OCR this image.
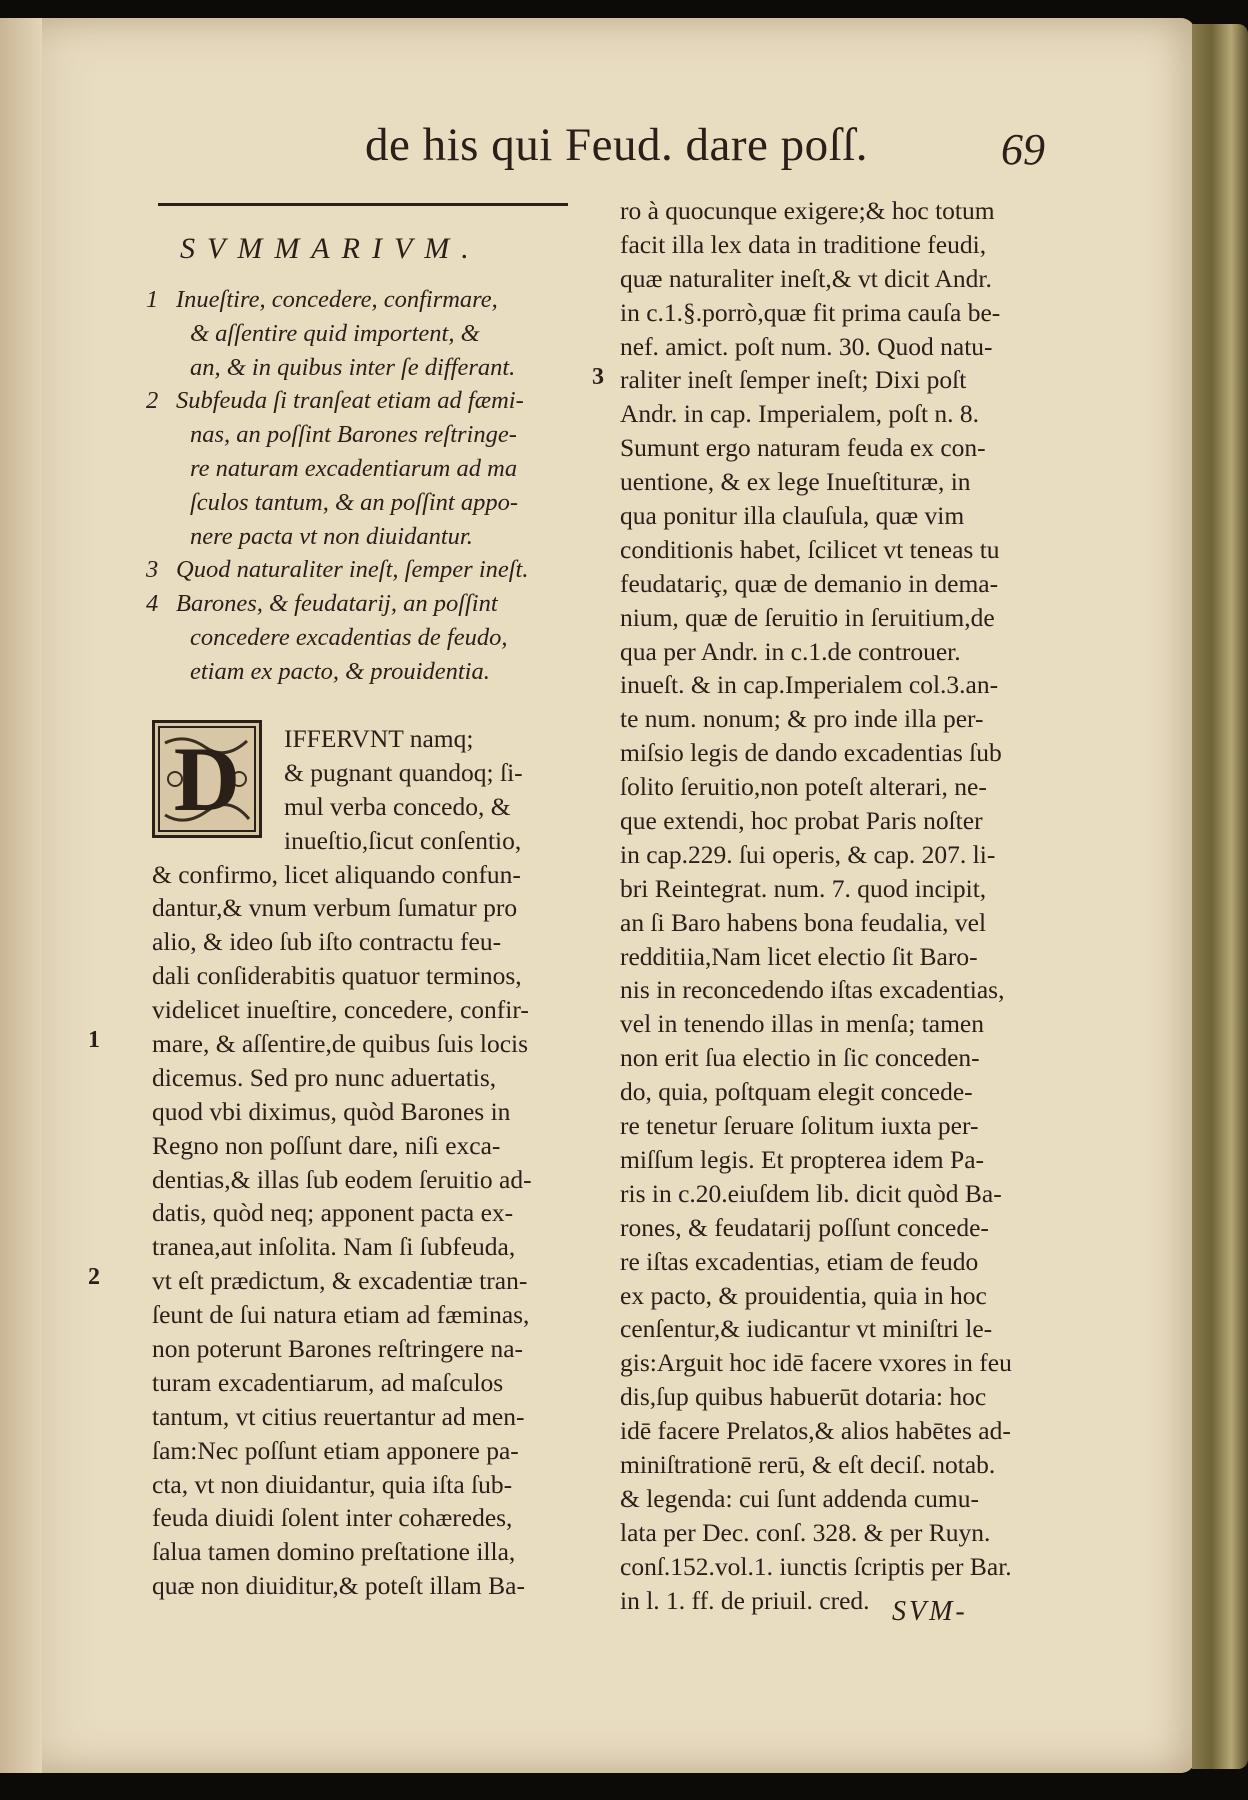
de his qui Feud. dare poſſ.	69
SVMMARIVM.
1 Inueſtire, concedere, confirmare,
& aſſentire quid importent, &
an, & in quibus inter ſe differant.
2 Subfeuda ſi tranſeat etiam ad fæmi-
nas, an poſſint Barones reſtringe-
re naturam excadentiarum ad ma
ſculos tantum, & an poſſint appo-
nere pacta vt non diuidantur.
3 Quod naturaliter ineſt, ſemper ineſt.
4 Barones, & feudatarij, an poſſint
concedere excadentias de feudo,
etiam ex pacto, & prouidentia.
D	IFFERVNT namq;
& pugnant quandoq; ſi-
mul verba concedo, &
inueſtio,ſicut conſentio,
& confirmo, licet aliquando confun-
dantur,& vnum verbum ſumatur pro
alio, & ideo ſub iſto contractu feu-
dali conſiderabitis quatuor terminos,
videlicet inueſtire, concedere, confir-
mare, & aſſentire,de quibus ſuis locis
dicemus. Sed pro nunc aduertatis,
quod vbi diximus, quòd Barones in
Regno non poſſunt dare, niſi exca-
dentias,& illas ſub eodem ſeruitio ad-
datis, quòd neq; apponent pacta ex-
tranea,aut inſolita. Nam ſi ſubfeuda,
vt eſt prædictum, & excadentiæ tran-
ſeunt de ſui natura etiam ad fæminas,
non poterunt Barones reſtringere na-
turam excadentiarum, ad maſculos
tantum, vt citius reuertantur ad men-
ſam:Nec poſſunt etiam apponere pa-
cta, vt non diuidantur, quia iſta ſub-
feuda diuidi ſolent inter cohæredes,
ſalua tamen domino preſtatione illa,
quæ non diuiditur,& poteſt illam Ba-
ro à quocunque exigere;& hoc totum
facit illa lex data in traditione feudi,
quæ naturaliter ineſt,& vt dicit Andr.
in c.1.§.porrò,quæ fit prima cauſa be-
nef. amict. poſt num. 30. Quod natu-
raliter ineſt ſemper ineſt; Dixi poſt
Andr. in cap. Imperialem, poſt n. 8.
Sumunt ergo naturam feuda ex con-
uentione, & ex lege Inueſtituræ, in
qua ponitur illa clauſula, quæ vim
conditionis habet, ſcilicet vt teneas tu
feudatariç, quæ de demanio in dema-
nium, quæ de ſeruitio in ſeruitium,de
qua per Andr. in c.1.de controuer.
inueſt. & in cap.Imperialem col.3.an-
te num. nonum; & pro inde illa per-
miſsio legis de dando excadentias ſub
ſolito ſeruitio,non poteſt alterari, ne-
que extendi, hoc probat Paris noſter
in cap.229. ſui operis, & cap. 207. li-
bri Reintegrat. num. 7. quod incipit,
an ſi Baro habens bona feudalia, vel
redditiia,Nam licet electio ſit Baro-
nis in reconcedendo iſtas excadentias,
vel in tenendo illas in menſa; tamen
non erit ſua electio in ſic conceden-
do, quia, poſtquam elegit concede-
re tenetur ſeruare ſolitum iuxta per-
miſſum legis. Et propterea idem Pa-
ris in c.20.eiuſdem lib. dicit quòd Ba-
rones, & feudatarij poſſunt concede-
re iſtas excadentias, etiam de feudo
ex pacto, & prouidentia, quia in hoc
cenſentur,& iudicantur vt miniſtri le-
gis:Arguit hoc idē facere vxores in feu
dis,ſup quibus habuerūt dotaria: hoc
idē facere Prelatos,& alios habētes ad-
miniſtrationē rerū, & eſt deciſ. notab.
& legenda: cui ſunt addenda cumu-
lata per Dec. conſ. 328. & per Ruyn.
conſ.152.vol.1. iunctis ſcriptis per Bar.
in l. 1. ff. de priuil. cred. SVM-
1
2
3
